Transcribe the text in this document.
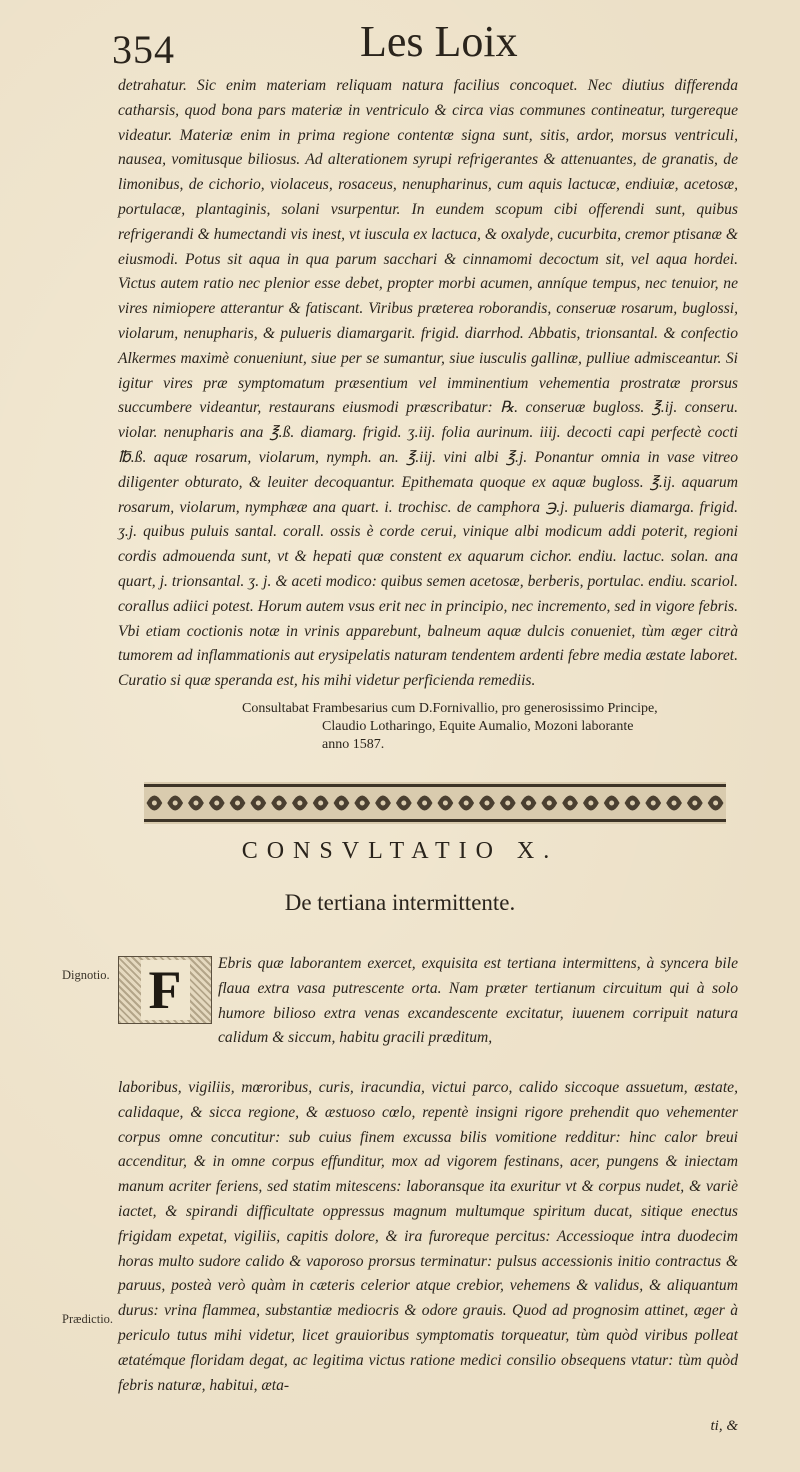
354	Les Loix

detrahatur. Sic enim materiam reliquam natura facilius concoquet. Nec diutius differenda catharsis, quod bona pars materiæ in ventriculo & circa vias communes contineatur, turgereque videatur. Materiæ enim in prima regione contentæ signa sunt, sitis, ardor, morsus ventriculi, nausea, vomitusque biliosus. Ad alterationem syrupi refrigerantes & attenuantes, de granatis, de limonibus, de cichorio, violaceus, rosaceus, nenupharinus, cum aquis lactucæ, endiuiæ, acetosæ, portulacæ, plantaginis, solani vsurpentur. In eundem scopum cibi offerendi sunt, quibus refrigerandi & humectandi vis inest, vt iuscula ex lactuca, & oxalyde, cucurbita, cremor ptisanæ & eiusmodi. Potus sit aqua in qua parum sacchari & cinnamomi decoctum sit, vel aqua hordei. Victus autem ratio nec plenior esse debet, propter morbi acumen, anníque tempus, nec tenuior, ne vires nimiopere atterantur & fatiscant. Viribus præterea roborandis, conseruæ rosarum, buglossi, violarum, nenupharis, & pulueris diamargarit. frigid. diarrhod. Abbatis, trionsantal. & confectio Alkermes maximè conueniunt, siue per se sumantur, siue iusculis gallinæ, pulliue admisceantur. Si igitur vires præ symptomatum præsentium vel imminentium vehementia prostratæ prorsus succumbere videantur, restaurans eiusmodi præscribatur: ℞. conseruæ bugloss. ℥.ij. conseru. violar. nenupharis ana ℥.ß. diamarg. frigid. ʒ.iij. folia aurinum. iiij. decocti capi perfectè cocti ℔.ß. aquæ rosarum, violarum, nymph. an. ℥.iij. vini albi ℥.j. Ponantur omnia in vase vitreo diligenter obturato, & leuiter decoquantur. Epithemata quoque ex aquæ bugloss. ℥.ij. aquarum rosarum, violarum, nymphææ ana quart. i. trochisc. de camphora ℈.j. pulueris diamarga. frigid. ʒ.j. quibus puluis santal. corall. ossis è corde cerui, vinique albi modicum addi poterit, regioni cordis admouenda sunt, vt & hepati quæ constent ex aquarum cichor. endiu. lactuc. solan. ana quart, j. trionsantal. ʒ. j. & aceti modico: quibus semen acetosæ, berberis, portulac. endiu. scariol. corallus adiici potest. Horum autem vsus erit nec in principio, nec incremento, sed in vigore febris. Vbi etiam coctionis notæ in vrinis apparebunt, balneum aquæ dulcis conueniet, tùm æger citrà tumorem ad inflammationis aut erysipelatis naturam tendentem ardenti febre media æstate laboret. Curatio si quæ speranda est, his mihi videtur perficienda remediis.

Consultabat Frambesarius cum D.Fornivallio, pro generosissimo Principe,
Claudio Lotharingo, Equite Aumalio, Mozoni laborante
anno 1587.
CONSVLTATIO X.
De tertiana intermittente.
Dignotio.
Prædictio.
F	Ebris quæ laborantem exercet, exquisita est tertiana intermittens, à syncera bile flaua extra vasa putrescente orta. Nam præter tertianum circuitum qui à solo humore bilioso extra venas excandescente excitatur, iuuenem corripuit natura calidum & siccum, habitu gracili præditum,

laboribus, vigiliis, mœroribus, curis, iracundia, victui parco, calido siccoque assuetum, æstate, calidaque, & sicca regione, & æstuoso cœlo, repentè insigni rigore prehendit quo vehementer corpus omne concutitur: sub cuius finem excussa bilis vomitione redditur: hinc calor breui accenditur, & in omne corpus effunditur, mox ad vigorem festinans, acer, pungens & iniectam manum acriter feriens, sed statim mitescens: laboransque ita exuritur vt & corpus nudet, & variè iactet, & spirandi difficultate oppressus magnum multumque spiritum ducat, sitique enectus frigidam expetat, vigiliis, capitis dolore, & ira furoreque percitus: Accessioque intra duodecim horas multo sudore calido & vaporoso prorsus terminatur: pulsus accessionis initio contractus & paruus, posteà verò quàm in cæteris celerior atque crebior, vehemens & validus, & aliquantum durus: vrina flammea, substantiæ mediocris & odore grauis. Quod ad prognosim attinet, æger à periculo tutus mihi videtur, licet grauioribus symptomatis torqueatur, tùm quòd viribus polleat ætatémque floridam degat, ac legitima victus ratione medici consilio obsequens vtatur: tùm quòd febris naturæ, habitui, æta-

ti, &
